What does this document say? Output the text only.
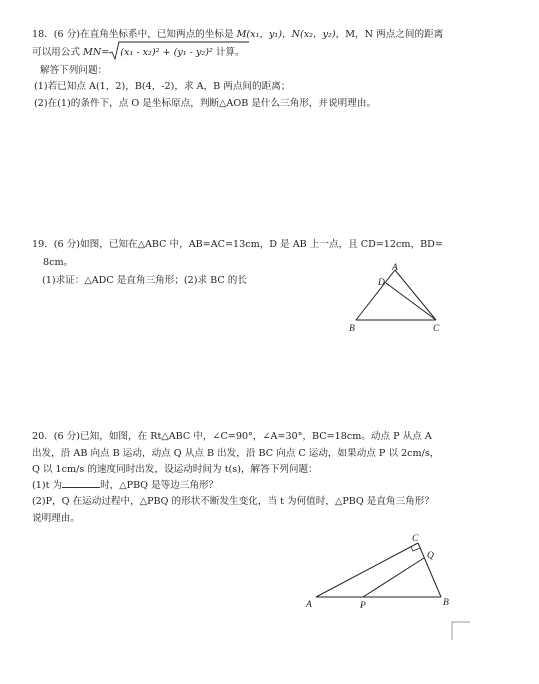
18．(6 分)在直角坐标系中，已知两点的坐标是 M(x₁，y₁)，N(x₂，y₂)，M，N 两点之间的距离
可以用公式 MN= (x₁ - x₂)² + (y₁ - y₂)² 计算。
解答下列问题：
(1)若已知点 A(1，2)，B(4，-2)，求 A，B 两点间的距离；
(2)在(1)的条件下，点 O 是坐标原点，判断△AOB 是什么三角形，并说明理由。
19．(6 分)如图，已知在△ABC 中，AB=AC=13cm，D 是 AB 上一点，且 CD=12cm，BD=
8cm。
(1)求证：△ADC 是直角三角形；(2)求 BC 的长
A
D
B	C
20．(6 分)已知，如图，在 Rt△ABC 中，∠C=90°，∠A=30°，BC=18cm。动点 P 从点 A
出发，沿 AB 向点 B 运动，动点 Q 从点 B 出发，沿 BC 向点 C 运动，如果动点 P 以 2cm/s，
Q 以 1cm/s 的速度同时出发，设运动时间为 t(s)，解答下列问题：
(1)t 为	时，△PBQ 是等边三角形？
(2)P，Q 在运动过程中，△PBQ 的形状不断发生变化，当 t 为何值时，△PBQ 是直角三角形？
说明理由。
C
Q
A	P	B
